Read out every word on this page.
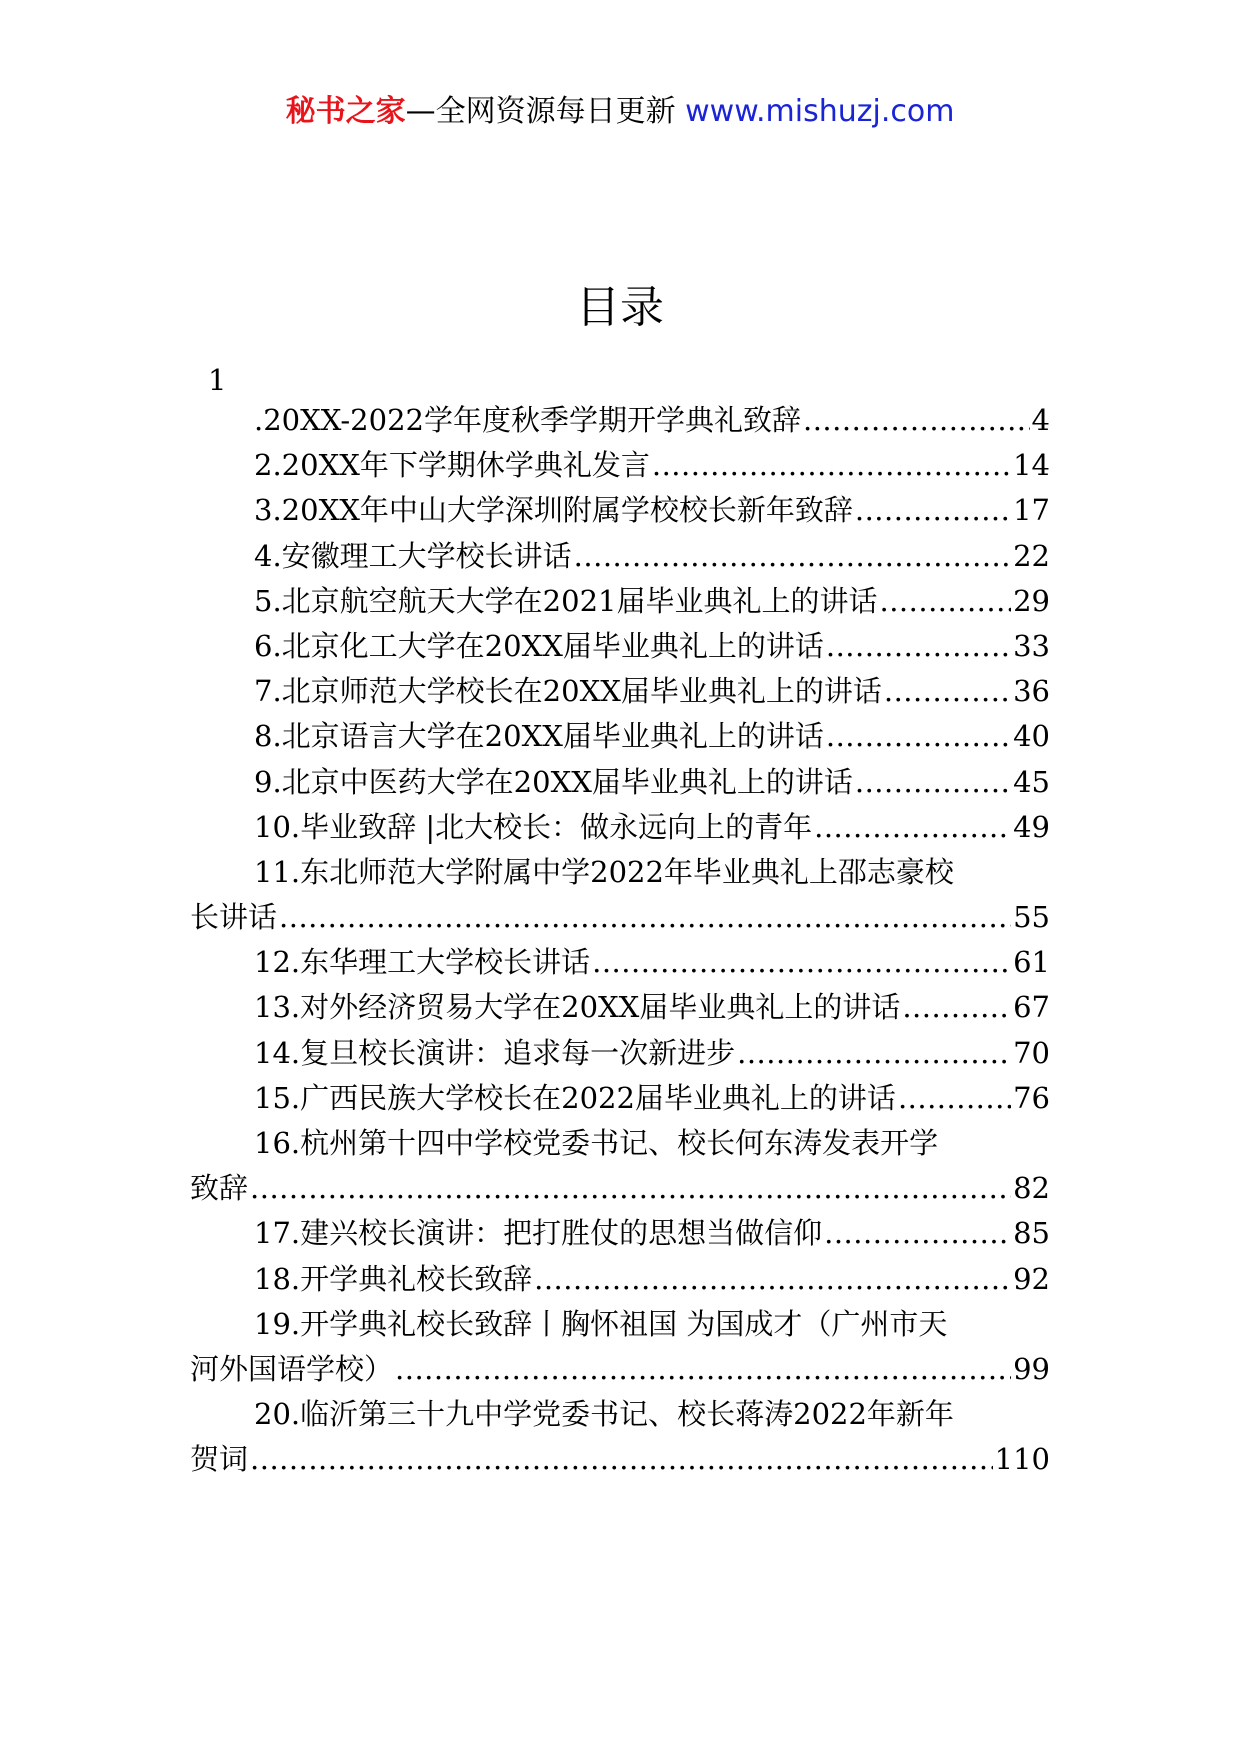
秘书之家—全网资源每日更新 www.mishuzj.com
目录
1
.20XX-2022学年度秋季学期开学典礼致辞 .....	4
2.20XX年下学期休学典礼发言 .....	14
3.20XX年中山大学深圳附属学校校长新年致辞 .....	17
4.安徽理工大学校长讲话 .....	22
5.北京航空航天大学在2021届毕业典礼上的讲话 .....	29
6.北京化工大学在20XX届毕业典礼上的讲话 .....	33
7.北京师范大学校长在20XX届毕业典礼上的讲话 .....	36
8.北京语言大学在20XX届毕业典礼上的讲话 .....	40
9.北京中医药大学在20XX届毕业典礼上的讲话 .....	45
10.毕业致辞 |北大校长：做永远向上的青年 .....	49
11.东北师范大学附属中学2022年毕业典礼上邵志豪校
长讲话 .....	55
12.东华理工大学校长讲话 .....	61
13.对外经济贸易大学在20XX届毕业典礼上的讲话 .....	67
14.复旦校长演讲：追求每一次新进步 .....	70
15.广西民族大学校长在2022届毕业典礼上的讲话 .....	76
16.杭州第十四中学校党委书记、校长何东涛发表开学
致辞 .....	82
17.建兴校长演讲：把打胜仗的思想当做信仰 .....	85
18.开学典礼校长致辞 .....	92
19.开学典礼校长致辞丨胸怀祖国 为国成才（广州市天
河外国语学校） .....	99
20.临沂第三十九中学党委书记、校长蒋涛2022年新年
贺词 .....	110
